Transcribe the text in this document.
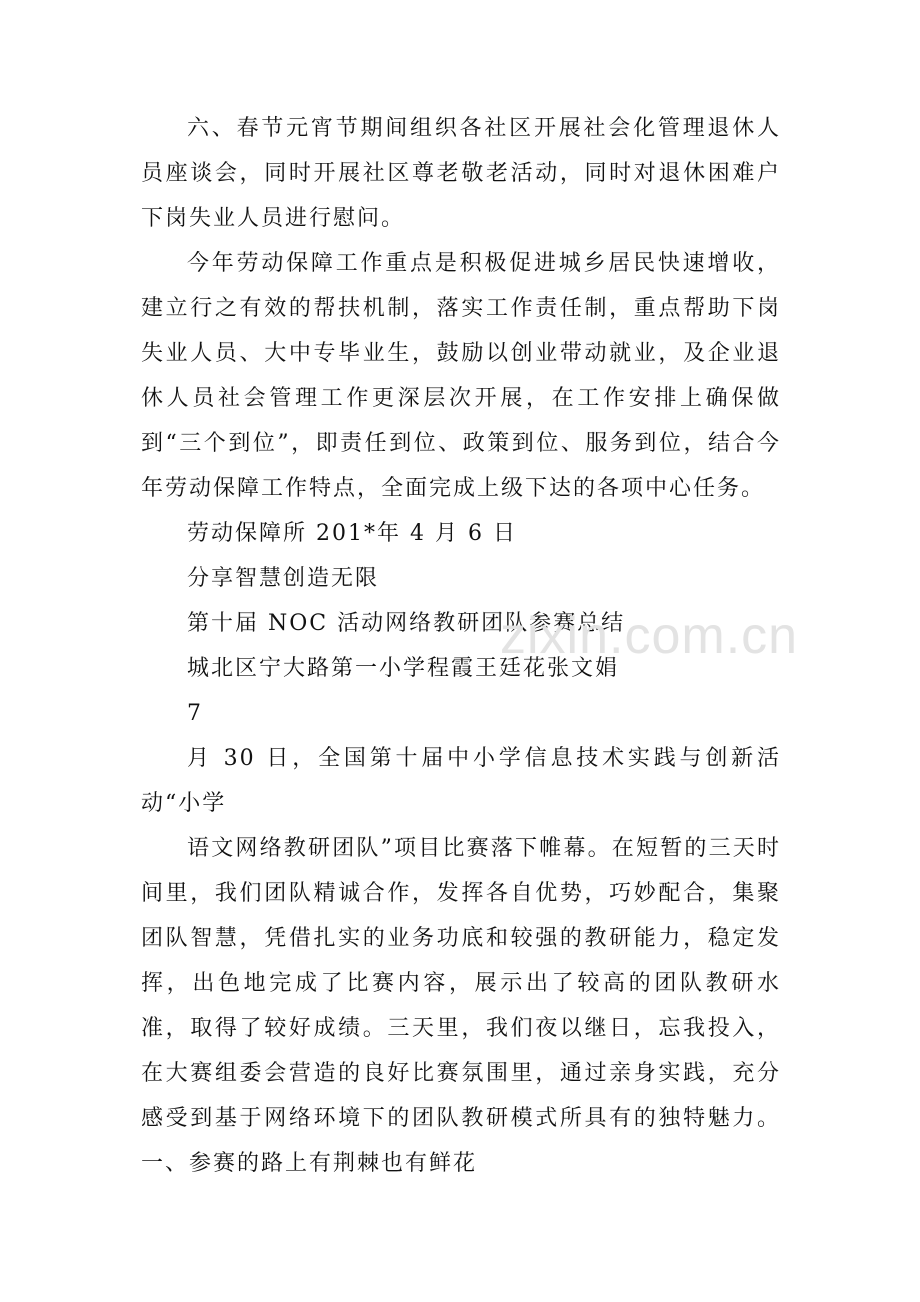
六、春节元宵节期间组织各社区开展社会化管理退休人员座谈会，同时开展社区尊老敬老活动，同时对退休困难户下岗失业人员进行慰问。

今年劳动保障工作重点是积极促进城乡居民快速增收，建立行之有效的帮扶机制，落实工作责任制，重点帮助下岗失业人员、大中专毕业生，鼓励以创业带动就业，及企业退休人员社会管理工作更深层次开展，在工作安排上确保做到“三个到位”，即责任到位、政策到位、服务到位，结合今年劳动保障工作特点，全面完成上级下达的各项中心任务。

劳动保障所 201*年 4 月 6 日

分享智慧创造无限

第十届 NOC 活动网络教研团队参赛总结

城北区宁大路第一小学程霞王廷花张文娟

7

月 30 日，全国第十届中小学信息技术实践与创新活动“小学

语文网络教研团队”项目比赛落下帷幕。在短暂的三天时间里，我们团队精诚合作，发挥各自优势，巧妙配合，集聚团队智慧，凭借扎实的业务功底和较强的教研能力，稳定发挥，出色地完成了比赛内容，展示出了较高的团队教研水准，取得了较好成绩。三天里，我们夜以继日，忘我投入，在大赛组委会营造的良好比赛氛围里，通过亲身实践，充分感受到基于网络环境下的团队教研模式所具有的独特魅力。一、参赛的路上有荆棘也有鲜花

zixin.com.cn
